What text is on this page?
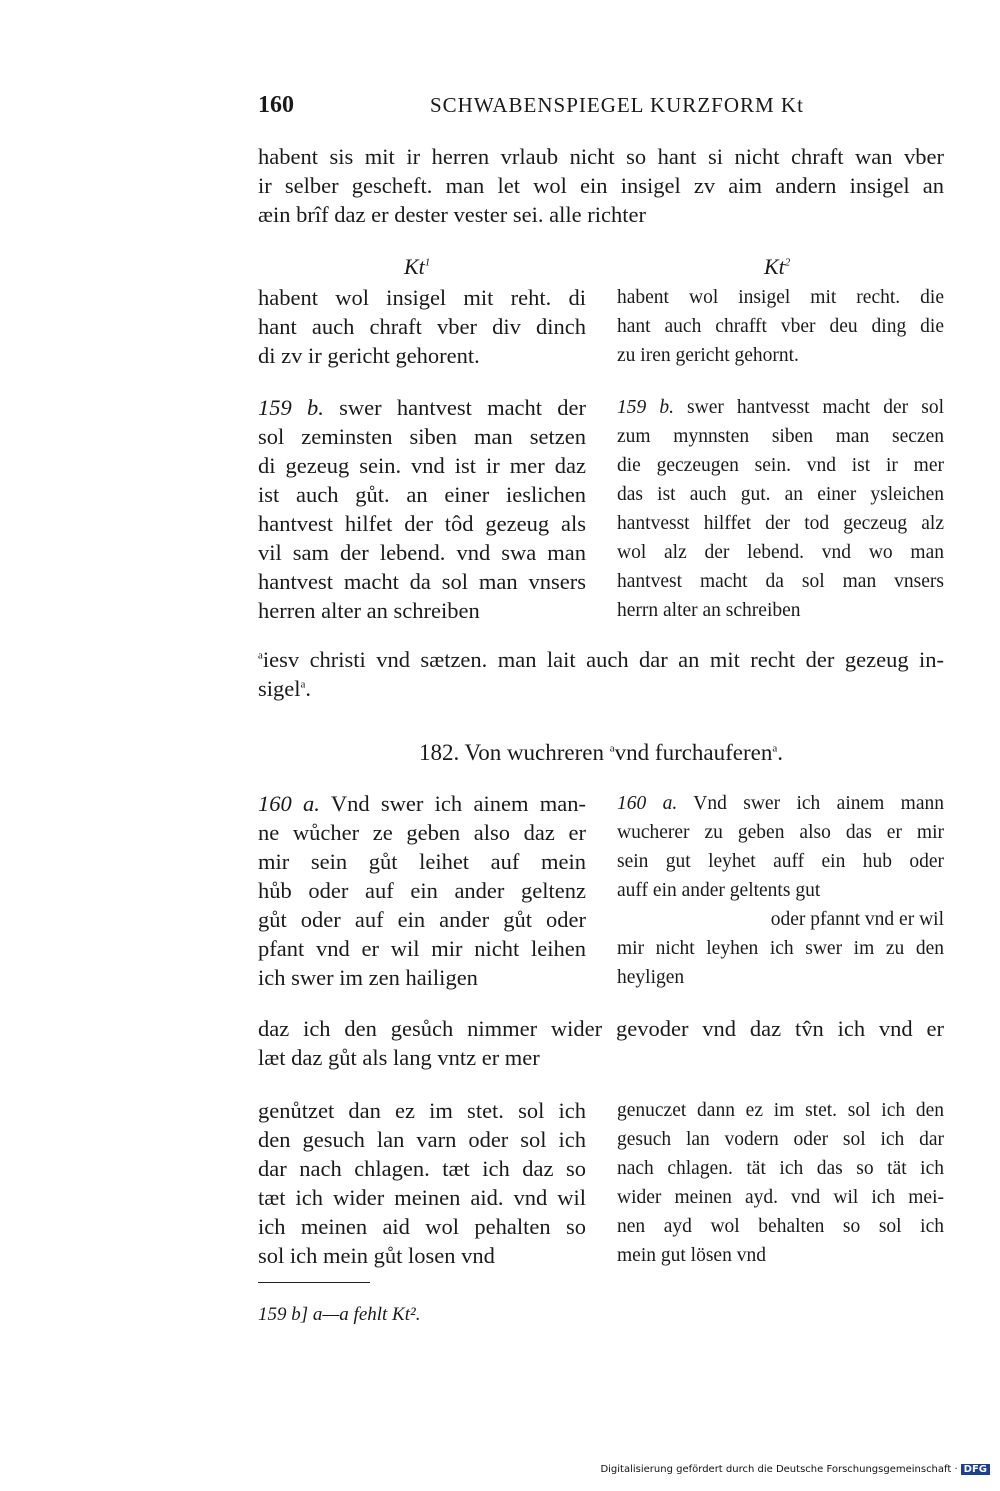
160	SCHWABENSPIEGEL KURZFORM Kt
habent sis mit ir herren vrlaub nicht so hant si nicht chraft wan vber
ir selber gescheft. man let wol ein insigel zv aim andern insigel an
æin brîf daz er dester vester sei. alle richter
Kt$^1$	Kt$^2$
habent wol insigel mit reht. di
hant auch chraft vber div dinch
di zv ir gericht gehorent.
habent wol insigel mit recht. die
hant auch chrafft vber deu ding die
zu iren gericht gehornt.
159 b. swer hantvest macht der
sol zeminsten siben man setzen
di gezeug sein. vnd ist ir mer daz
ist auch gůt. an einer ieslichen
hantvest hilfet der tôd gezeug als
vil sam der lebend. vnd swa man
hantvest macht da sol man vnsers
herren alter an schreiben
159 b. swer hantvesst macht der sol
zum mynnsten siben man seczen
die geczeugen sein. vnd ist ir mer
das ist auch gut. an einer ysleichen
hantvesst hilffet der tod geczeug alz
wol alz der lebend. vnd wo man
hantvest macht da sol man vnsers
herrn alter an schreiben
$^a$iesv christi vnd sætzen. man lait auch dar an mit recht der gezeug in-
sigel$^a$.
182. Von wuchreren $^a$vnd furchauferen$^a$.
160 a. Vnd swer ich ainem man-
ne wůcher ze geben also daz er
mir sein gůt leihet auf mein
hůb oder auf ein ander geltenz
gůt oder auf ein ander gůt oder
pfant vnd er wil mir nicht leihen
ich swer im zen hailigen
160 a. Vnd swer ich ainem mann
wucherer zu geben also das er mir
sein gut leyhet auff ein hub oder
auff ein ander geltents gut
oder pfannt vnd er wil
mir nicht leyhen ich swer im zu den
heyligen
daz ich den gesůch nimmer wider gevoder vnd daz tv̂n ich vnd er
læt daz gůt als lang vntz er mer
genůtzet dan ez im stet. sol ich
den gesuch lan varn oder sol ich
dar nach chlagen. tæt ich daz so
tæt ich wider meinen aid. vnd wil
ich meinen aid wol pehalten so
sol ich mein gůt losen vnd
genuczet dann ez im stet. sol ich den
gesuch lan vodern oder sol ich dar
nach chlagen. tät ich das so tät ich
wider meinen ayd. vnd wil ich mei-
nen ayd wol behalten so sol ich
mein gut lösen vnd
159 b] a—a fehlt Kt².
Digitalisierung gefördert durch die Deutsche Forschungsgemeinschaft · DFG
